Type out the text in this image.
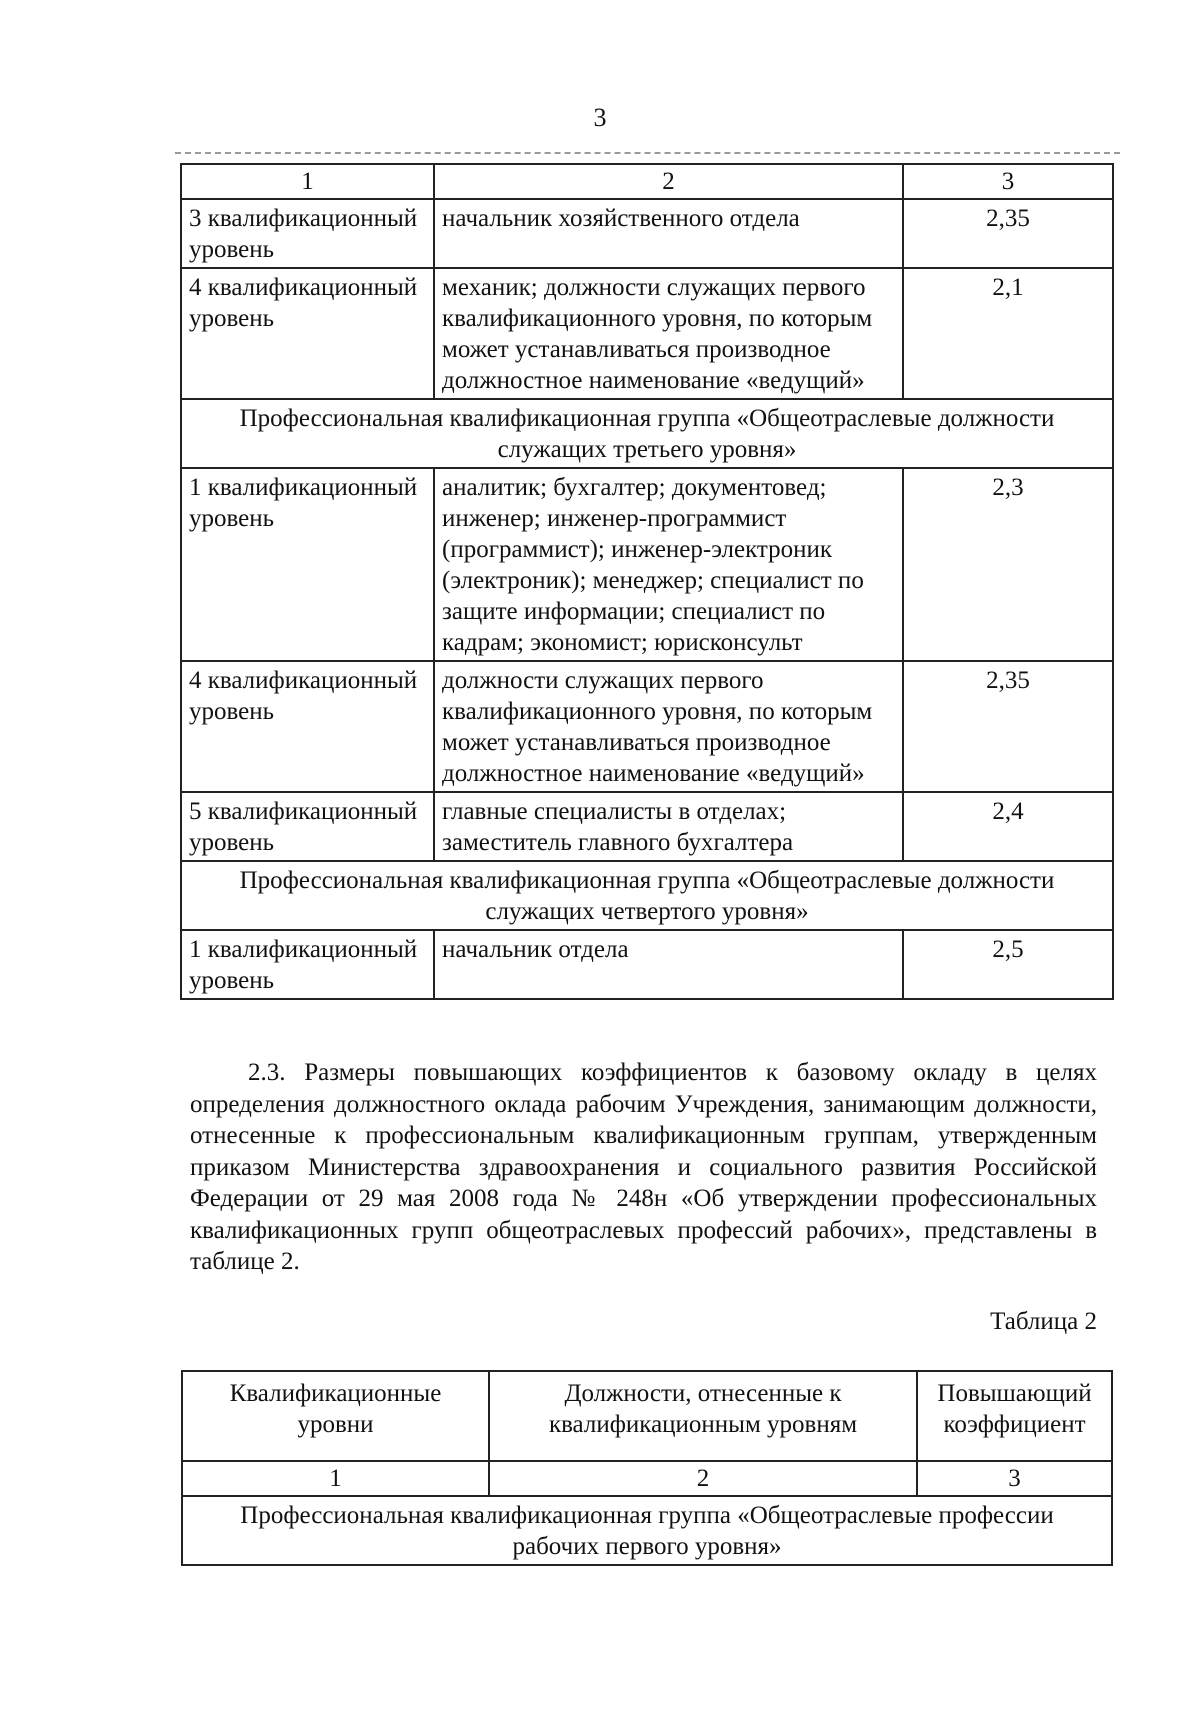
3
1	2	3
3 квалификационный уровень	начальник хозяйственного отдела	2,35
4 квалификационный уровень	механик; должности служащих первого квалификационного уровня, по которым может устанавливаться производное должностное наименование «ведущий»	2,1
Профессиональная квалификационная группа «Общеотраслевые должности служащих третьего уровня»		
1 квалификационный уровень	аналитик; бухгалтер; документовед; инженер; инженер-программист (программист); инженер-электроник (электроник); менеджер; специалист по защите информации; специалист по кадрам; экономист; юрисконсульт	2,3
4 квалификационный уровень	должности служащих первого квалификационного уровня, по которым может устанавливаться производное должностное наименование «ведущий»	2,35
5 квалификационный уровень	главные специалисты в отделах; заместитель главного бухгалтера	2,4
Профессиональная квалификационная группа «Общеотраслевые должности служащих четвертого уровня»		
1 квалификационный уровень	начальник отдела	2,5

2.3. Размеры повышающих коэффициентов к базовому окладу в целях определения должностного оклада рабочим Учреждения, занимающим должности, отнесенные к профессиональным квалификационным группам, утвержденным приказом Министерства здравоохранения и социального развития Российской Федерации от 29 мая 2008 года № 248н «Об утверждении профессиональных квалификационных групп общеотраслевых профессий рабочих», представлены в таблице 2.

Таблица 2
Квалификационные уровни	Должности, отнесенные к квалификационным уровням	Повышающий коэффициент
1	2	3
Профессиональная квалификационная группа «Общеотраслевые профессии рабочих первого уровня»		
